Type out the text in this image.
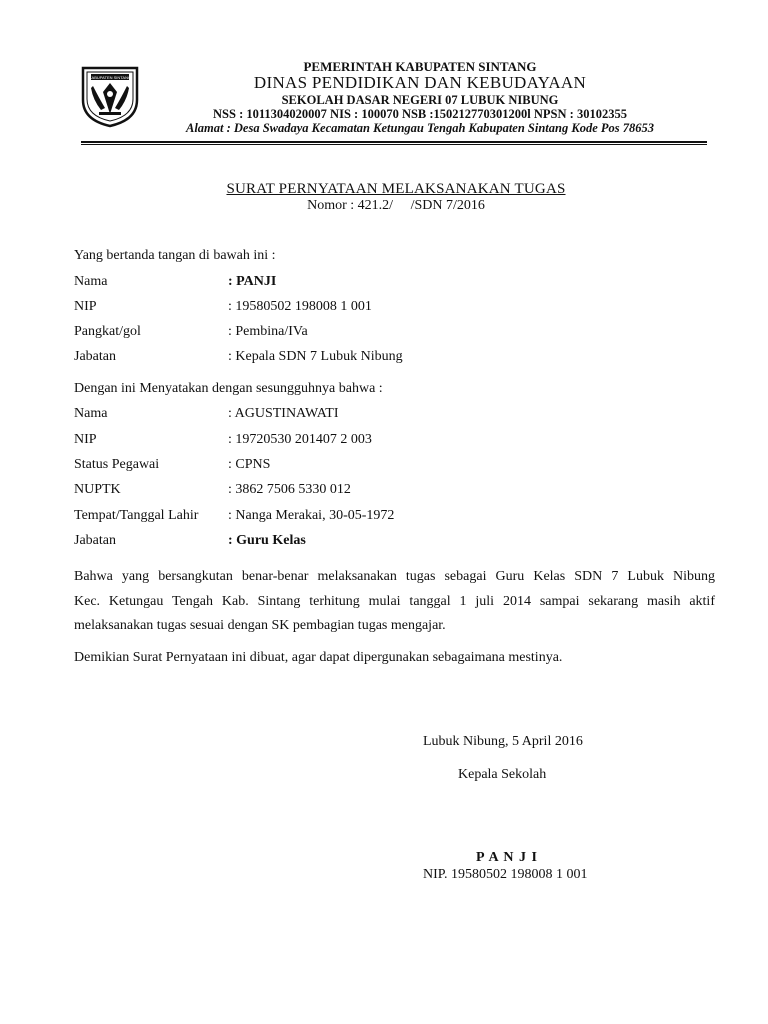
KABUPATEN SINTANG
PEMERINTAH KABUPATEN SINTANG
DINAS PENDIDIKAN DAN KEBUDAYAAN
SEKOLAH DASAR NEGERI 07 LUBUK NIBUNG
NSS : 1011304020007 NIS : 100070 NSB :150212770301200l NPSN : 30102355
Alamat : Desa Swadaya Kecamatan Ketungau Tengah Kabupaten Sintang Kode Pos 78653
SURAT PERNYATAAN MELAKSANAKAN TUGAS
Nomor : 421.2/     /SDN 7/2016
Yang bertanda tangan di bawah ini :
Nama	: PANJI
NIP	: 19580502 198008 1 001
Pangkat/gol	: Pembina/IVa
Jabatan	: Kepala SDN 7 Lubuk Nibung
Dengan ini Menyatakan dengan sesungguhnya bahwa :
Nama	: AGUSTINAWATI
NIP	: 19720530 201407 2 003
Status Pegawai	: CPNS
NUPTK	: 3862 7506 5330 012
Tempat/Tanggal Lahir : Nanga Merakai, 30-05-1972
Jabatan	: Guru Kelas
Bahwa yang bersangkutan benar-benar melaksanakan tugas sebagai Guru Kelas SDN 7 Lubuk Nibung
Kec. Ketungau Tengah Kab. Sintang terhitung mulai tanggal 1 juli 2014 sampai sekarang masih aktif
melaksanakan tugas sesuai dengan SK pembagian tugas mengajar.
Demikian Surat Pernyataan ini dibuat, agar dapat dipergunakan sebagaimana mestinya.
Lubuk Nibung, 5 April 2016
Kepala Sekolah
P A N J I
NIP. 19580502 198008 1 001
